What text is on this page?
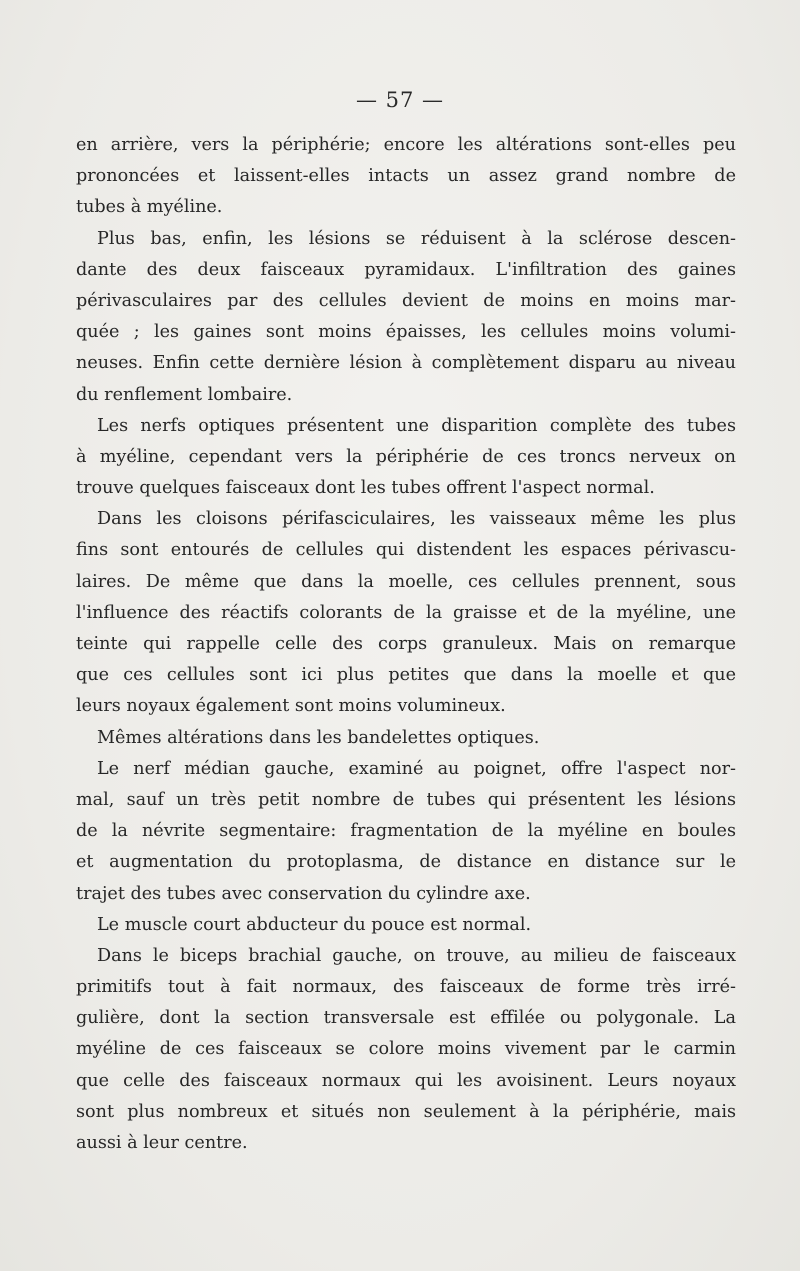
— 57 —
en arrière, vers la périphérie; encore les altérations sont-elles peu
prononcées et laissent-elles intacts un assez grand nombre de
tubes à myéline.
Plus bas, enfin, les lésions se réduisent à la sclérose descen-
dante des deux faisceaux pyramidaux. L'infiltration des gaines
périvasculaires par des cellules devient de moins en moins mar-
quée ; les gaines sont moins épaisses, les cellules moins volumi-
neuses. Enfin cette dernière lésion à complètement disparu au niveau
du renflement lombaire.
Les nerfs optiques présentent une disparition complète des tubes
à myéline, cependant vers la périphérie de ces troncs nerveux on
trouve quelques faisceaux dont les tubes offrent l'aspect normal.
Dans les cloisons périfasciculaires, les vaisseaux même les plus
fins sont entourés de cellules qui distendent les espaces périvascu-
laires. De même que dans la moelle, ces cellules prennent, sous
l'influence des réactifs colorants de la graisse et de la myéline, une
teinte qui rappelle celle des corps granuleux. Mais on remarque
que ces cellules sont ici plus petites que dans la moelle et que
leurs noyaux également sont moins volumineux.
Mêmes altérations dans les bandelettes optiques.
Le nerf médian gauche, examiné au poignet, offre l'aspect nor-
mal, sauf un très petit nombre de tubes qui présentent les lésions
de la névrite segmentaire: fragmentation de la myéline en boules
et augmentation du protoplasma, de distance en distance sur le
trajet des tubes avec conservation du cylindre axe.
Le muscle court abducteur du pouce est normal.
Dans le biceps brachial gauche, on trouve, au milieu de faisceaux
primitifs tout à fait normaux, des faisceaux de forme très irré-
gulière, dont la section transversale est effilée ou polygonale. La
myéline de ces faisceaux se colore moins vivement par le carmin
que celle des faisceaux normaux qui les avoisinent. Leurs noyaux
sont plus nombreux et situés non seulement à la périphérie, mais
aussi à leur centre.
